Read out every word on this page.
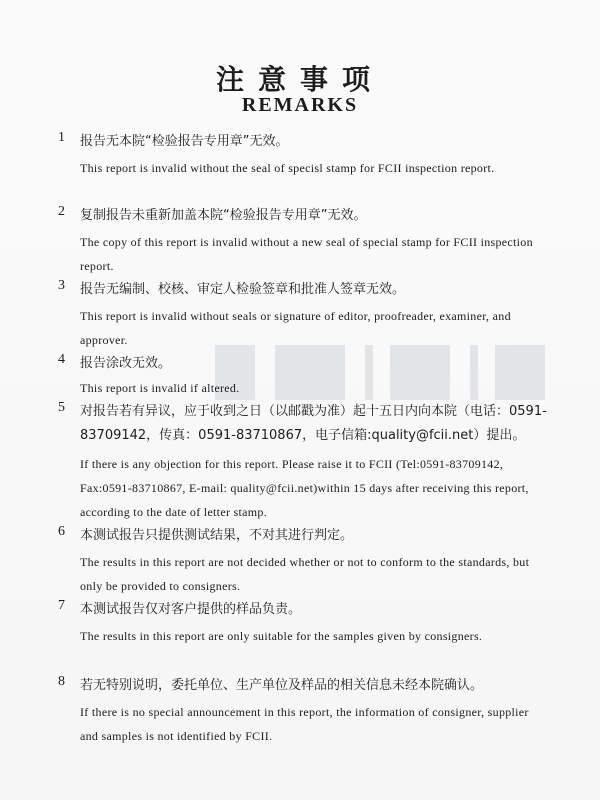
注意事项
REMARKS
1 报告无本院“检验报告专用章”无效。
This report is invalid without the seal of specisl stamp for FCII inspection report.
2 复制报告未重新加盖本院“检验报告专用章”无效。
The copy of this report is invalid without a new seal of special stamp for FCII inspection report.
3 报告无编制、校核、审定人检验签章和批准人签章无效。
This report is invalid without seals or signature of editor, proofreader, examiner, and approver.
4 报告涂改无效。
This report is invalid if altered.
5 对报告若有异议，应于收到之日（以邮戳为准）起十五日内向本院（电话：0591-83709142，传真：0591-83710867，电子信箱:quality@fcii.net）提出。
If there is any objection for this report. Please raise it to FCII (Tel:0591-83709142, Fax:0591-83710867, E-mail: quality@fcii.net)within 15 days after receiving this report, according to the date of letter stamp.
6 本测试报告只提供测试结果，不对其进行判定。
The results in this report are not decided whether or not to conform to the standards, but only be provided to consigners.
7 本测试报告仅对客户提供的样品负责。
The results in this report are only suitable for the samples given by consigners.
8 若无特别说明，委托单位、生产单位及样品的相关信息未经本院确认。
If there is no special announcement in this report, the information of consigner, supplier and samples is not identified by FCII.
